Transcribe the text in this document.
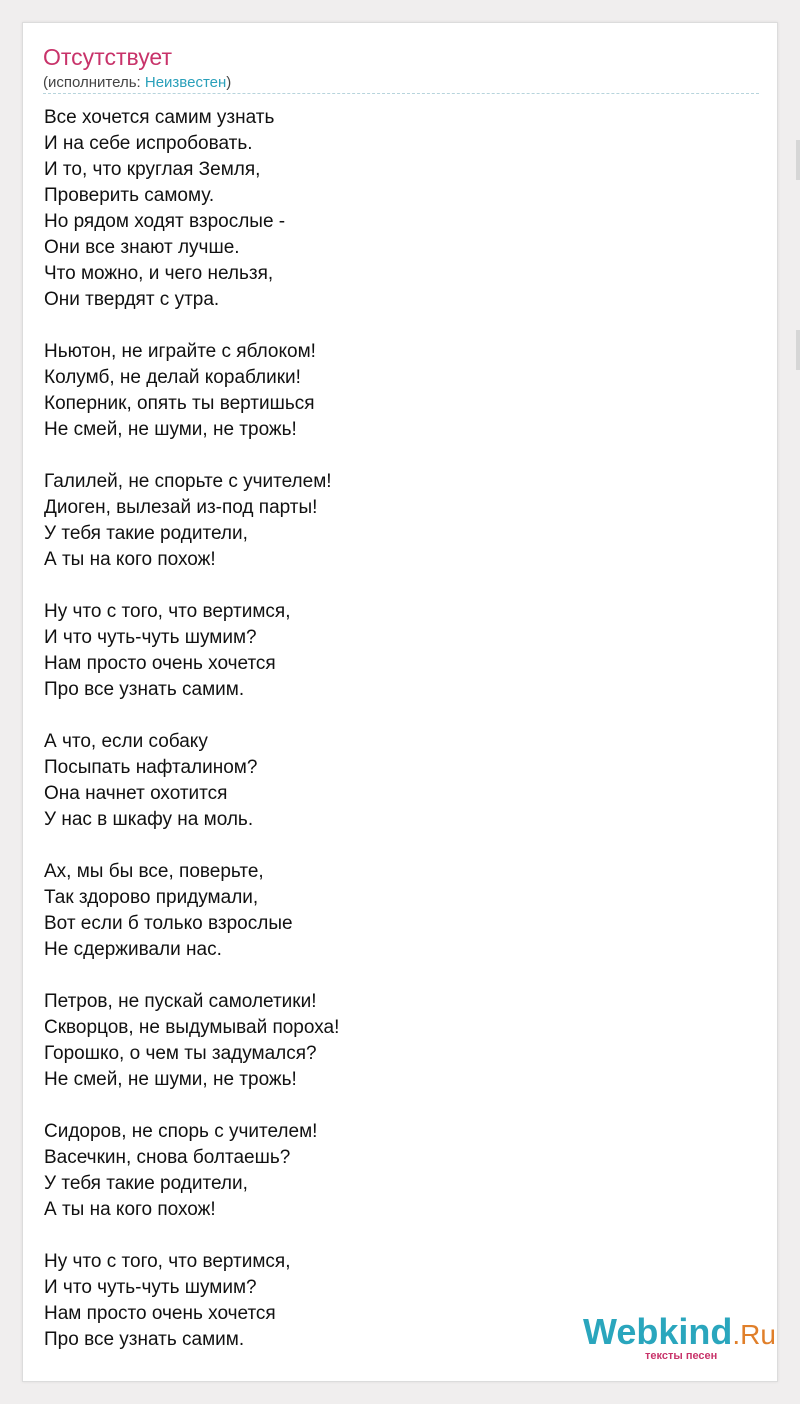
Отсутствует
(исполнитель: Неизвестен)
Все хочется самим узнать
И на себе испробовать.
И то, что круглая Земля,
Проверить самому.
Но рядом ходят взрослые -
Они все знают лучше.
Что можно, и чего нельзя,
Они твердят с утра.
Ньютон, не играйте с яблоком!
Колумб, не делай кораблики!
Коперник, опять ты вертишься
Не смей, не шуми, не трожь!
Галилей, не спорьте с учителем!
Диоген, вылезай из-под парты!
У тебя такие родители,
А ты на кого похож!
Ну что с того, что вертимся,
И что чуть-чуть шумим?
Нам просто очень хочется
Про все узнать самим.
А что, если собаку
Посыпать нафталином?
Она начнет охотится
У нас в шкафу на моль.
Ах, мы бы все, поверьте,
Так здорово придумали,
Вот если б только взрослые
Не сдерживали нас.
Петров, не пускай самолетики!
Скворцов, не выдумывай пороха!
Горошко, о чем ты задумался?
Не смей, не шуми, не трожь!
Сидоров, не спорь с учителем!
Васечкин, снова болтаешь?
У тебя такие родители,
А ты на кого похож!
Ну что с того, что вертимся,
И что чуть-чуть шумим?
Нам просто очень хочется
Про все узнать самим.	Webkind.Ru
тексты песен
